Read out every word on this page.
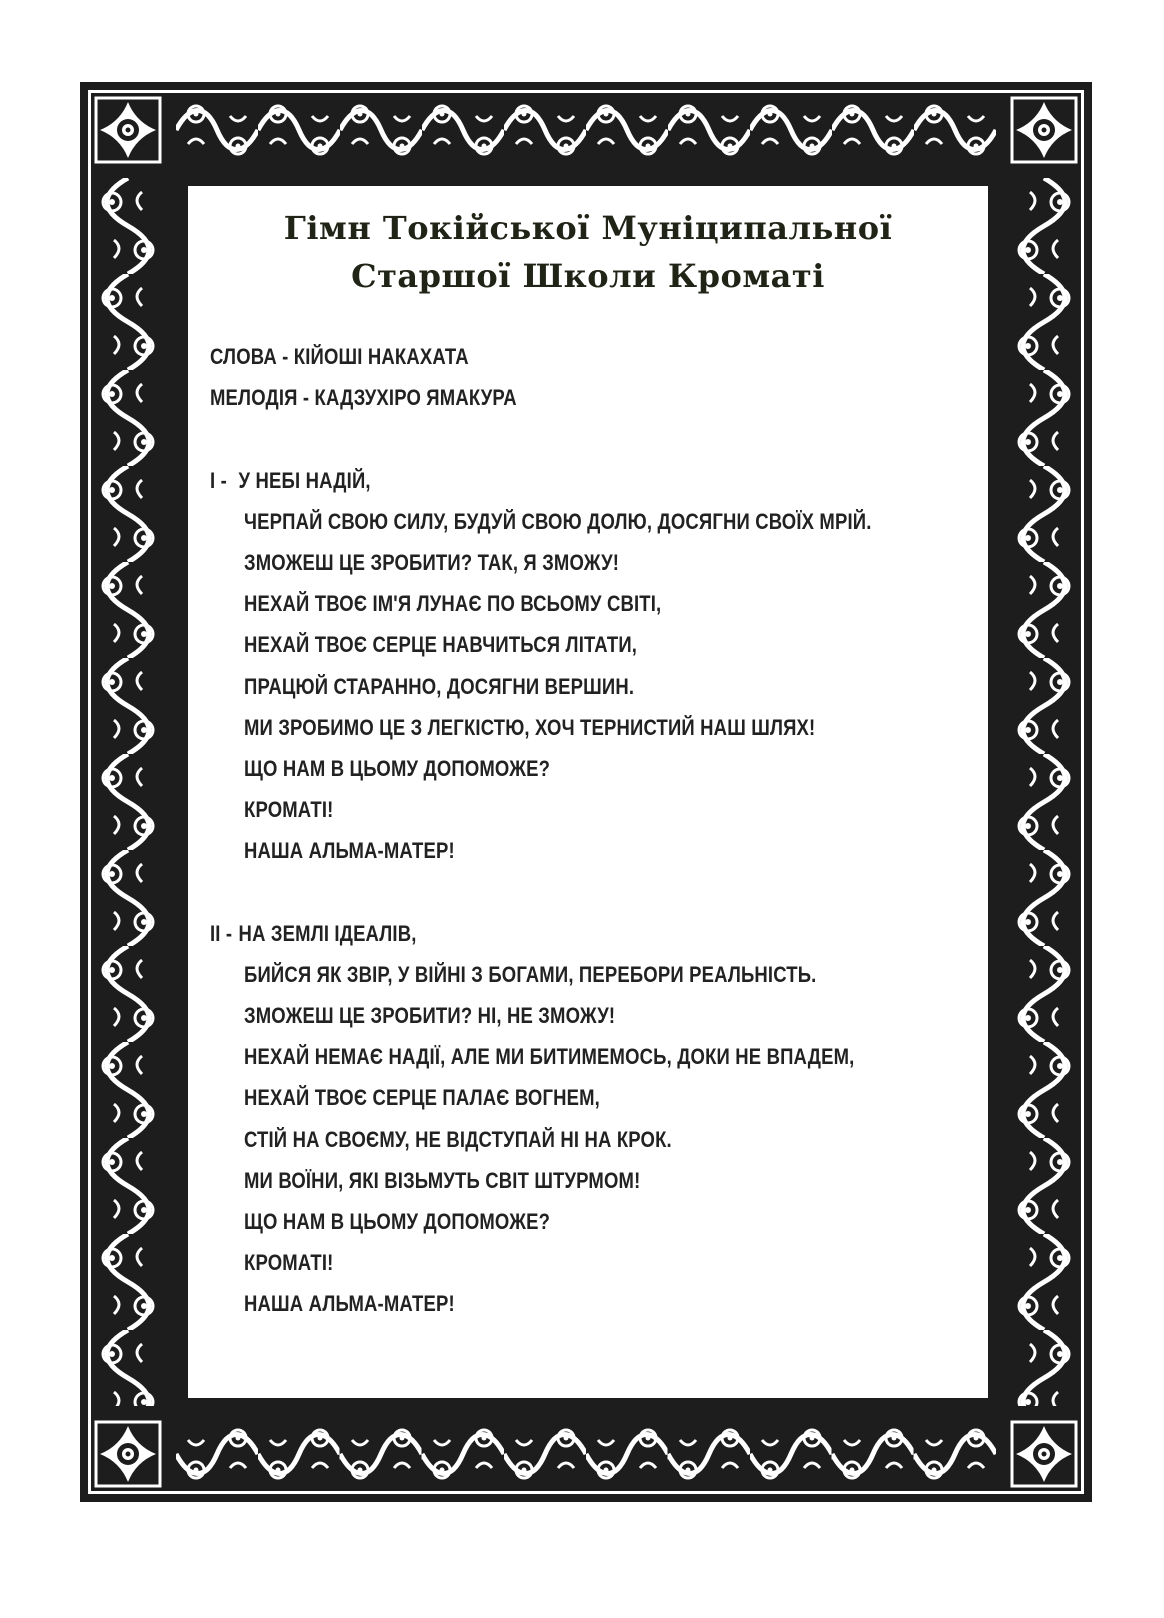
Гімн Токійської Муніципальної
Старшої Школи Кроматі
СЛОВА - КІЙОШІ НАКАХАТА
МЕЛОДІЯ - КАДЗУХІРО ЯМАКУРА
I - У НЕБІ НАДІЙ,
ЧЕРПАЙ СВОЮ СИЛУ, БУДУЙ СВОЮ ДОЛЮ, ДОСЯГНИ СВОЇХ МРІЙ.
ЗМОЖЕШ ЦЕ ЗРОБИТИ? ТАК, Я ЗМОЖУ!
НЕХАЙ ТВОЄ ІМ'Я ЛУНАЄ ПО ВСЬОМУ СВІТІ,
НЕХАЙ ТВОЄ СЕРЦЕ НАВЧИТЬСЯ ЛІТАТИ,
ПРАЦЮЙ СТАРАННО, ДОСЯГНИ ВЕРШИН.
МИ ЗРОБИМО ЦЕ З ЛЕГКІСТЮ, ХОЧ ТЕРНИСТИЙ НАШ ШЛЯХ!
ЩО НАМ В ЦЬОМУ ДОПОМОЖЕ?
КРОМАТІ!
НАША АЛЬМА-МАТЕР!
II - НА ЗЕМЛІ ІДЕАЛІВ,
БИЙСЯ ЯК ЗВІР, У ВІЙНІ З БОГАМИ, ПЕРЕБОРИ РЕАЛЬНІСТЬ.
ЗМОЖЕШ ЦЕ ЗРОБИТИ? НІ, НЕ ЗМОЖУ!
НЕХАЙ НЕМАЄ НАДІЇ, АЛЕ МИ БИТИМЕМОСЬ, ДОКИ НЕ ВПАДЕМ,
НЕХАЙ ТВОЄ СЕРЦЕ ПАЛАЄ ВОГНЕМ,
СТІЙ НА СВОЄМУ, НЕ ВІДСТУПАЙ НІ НА КРОК.
МИ ВОЇНИ, ЯКІ ВІЗЬМУТЬ СВІТ ШТУРМОМ!
ЩО НАМ В ЦЬОМУ ДОПОМОЖЕ?
КРОМАТІ!
НАША АЛЬМА-МАТЕР!
